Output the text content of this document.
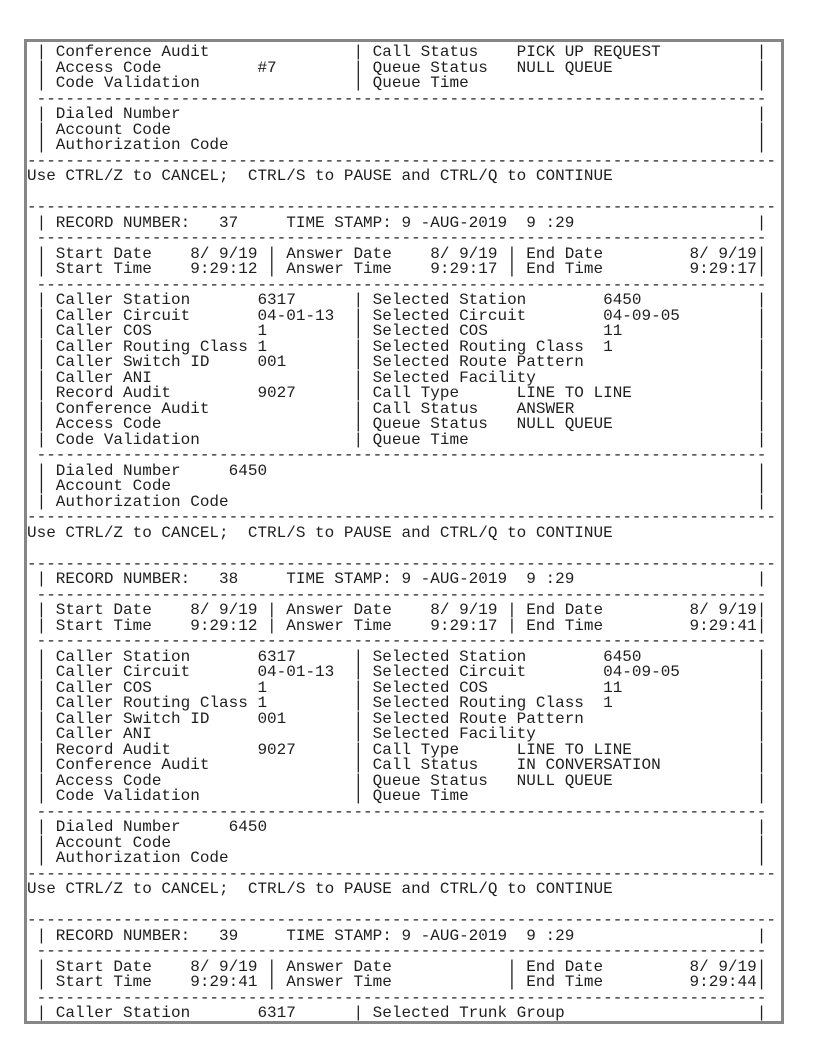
| Conference Audit               | Call Status    PICK UP REQUEST          |
| Access Code          #7        | Queue Status   NULL QUEUE               |
| Code Validation                | Queue Time                              |
----------------------------------------------------------------------------
| Dialed Number                                                            |
| Account Code                                                             |
| Authorization Code                                                       |
------------------------------------------------------------------------------
Use CTRL/Z to CANCEL;  CTRL/S to PAUSE and CTRL/Q to CONTINUE

------------------------------------------------------------------------------
| RECORD NUMBER:   37     TIME STAMP: 9 -AUG-2019  9 :29                   |
----------------------------------------------------------------------------
| Start Date    8/ 9/19 | Answer Date    8/ 9/19 | End Date         8/ 9/19|
| Start Time    9:29:12 | Answer Time    9:29:17 | End Time         9:29:17|
----------------------------------------------------------------------------
| Caller Station       6317      | Selected Station        6450            |
| Caller Circuit       04-01-13  | Selected Circuit        04-09-05        |
| Caller COS           1         | Selected COS            11              |
| Caller Routing Class 1         | Selected Routing Class  1               |
| Caller Switch ID     001       | Selected Route Pattern                  |
| Caller ANI                     | Selected Facility                       |
| Record Audit         9027      | Call Type      LINE TO LINE             |
| Conference Audit               | Call Status    ANSWER                   |
| Access Code                    | Queue Status   NULL QUEUE               |
| Code Validation                | Queue Time                              |
----------------------------------------------------------------------------
| Dialed Number     6450                                                   |
| Account Code                                                             |
| Authorization Code                                                       |
------------------------------------------------------------------------------
Use CTRL/Z to CANCEL;  CTRL/S to PAUSE and CTRL/Q to CONTINUE

------------------------------------------------------------------------------
| RECORD NUMBER:   38     TIME STAMP: 9 -AUG-2019  9 :29                   |
----------------------------------------------------------------------------
| Start Date    8/ 9/19 | Answer Date    8/ 9/19 | End Date         8/ 9/19|
| Start Time    9:29:12 | Answer Time    9:29:17 | End Time         9:29:41|
----------------------------------------------------------------------------
| Caller Station       6317      | Selected Station        6450            |
| Caller Circuit       04-01-13  | Selected Circuit        04-09-05        |
| Caller COS           1         | Selected COS            11              |
| Caller Routing Class 1         | Selected Routing Class  1               |
| Caller Switch ID     001       | Selected Route Pattern                  |
| Caller ANI                     | Selected Facility                       |
| Record Audit         9027      | Call Type      LINE TO LINE             |
| Conference Audit               | Call Status    IN CONVERSATION          |
| Access Code                    | Queue Status   NULL QUEUE               |
| Code Validation                | Queue Time                              |
----------------------------------------------------------------------------
| Dialed Number     6450                                                   |
| Account Code                                                             |
| Authorization Code                                                       |
------------------------------------------------------------------------------
Use CTRL/Z to CANCEL;  CTRL/S to PAUSE and CTRL/Q to CONTINUE

------------------------------------------------------------------------------
| RECORD NUMBER:   39     TIME STAMP: 9 -AUG-2019  9 :29                   |
----------------------------------------------------------------------------
| Start Date    8/ 9/19 | Answer Date            | End Date         8/ 9/19|
| Start Time    9:29:41 | Answer Time            | End Time         9:29:44|
----------------------------------------------------------------------------
| Caller Station       6317      | Selected Trunk Group                    |
